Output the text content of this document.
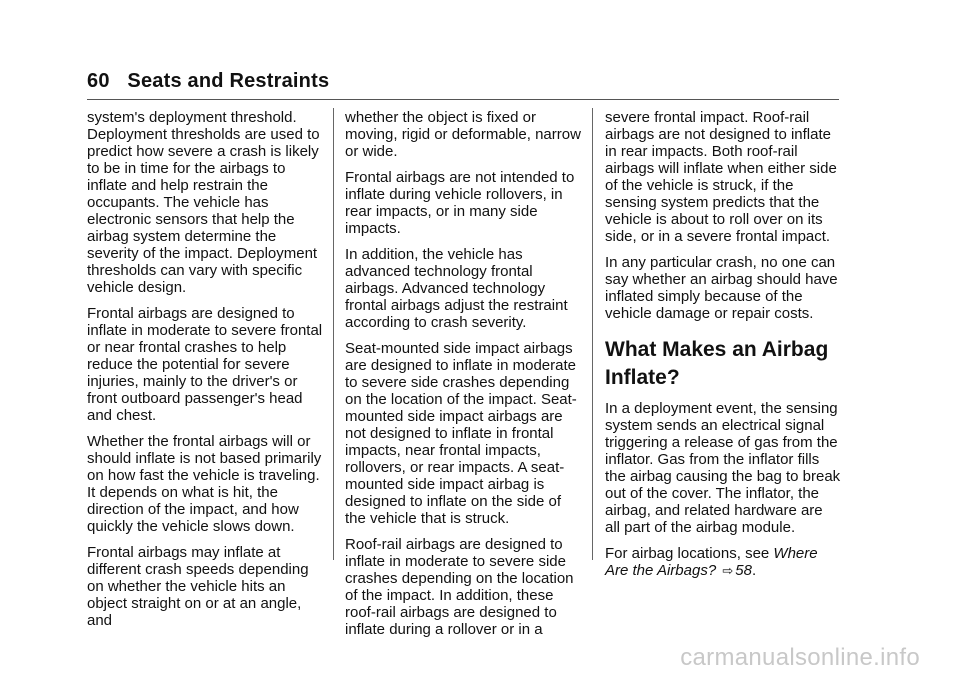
60 Seats and Restraints

system's deployment threshold. Deployment thresholds are used to predict how severe a crash is likely to be in time for the airbags to inflate and help restrain the occupants. The vehicle has electronic sensors that help the airbag system determine the severity of the impact. Deployment thresholds can vary with specific vehicle design.

Frontal airbags are designed to inflate in moderate to severe frontal or near frontal crashes to help reduce the potential for severe injuries, mainly to the driver's or front outboard passenger's head and chest.

Whether the frontal airbags will or should inflate is not based primarily on how fast the vehicle is traveling. It depends on what is hit, the direction of the impact, and how quickly the vehicle slows down.

Frontal airbags may inflate at different crash speeds depending on whether the vehicle hits an object straight on or at an angle, and

whether the object is fixed or moving, rigid or deformable, narrow or wide.

Frontal airbags are not intended to inflate during vehicle rollovers, in rear impacts, or in many side impacts.

In addition, the vehicle has advanced technology frontal airbags. Advanced technology frontal airbags adjust the restraint according to crash severity.

Seat-mounted side impact airbags are designed to inflate in moderate to severe side crashes depending on the location of the impact. Seat-mounted side impact airbags are not designed to inflate in frontal impacts, near frontal impacts, rollovers, or rear impacts. A seat-mounted side impact airbag is designed to inflate on the side of the vehicle that is struck.

Roof-rail airbags are designed to inflate in moderate to severe side crashes depending on the location of the impact. In addition, these roof-rail airbags are designed to inflate during a rollover or in a

severe frontal impact. Roof-rail airbags are not designed to inflate in rear impacts. Both roof-rail airbags will inflate when either side of the vehicle is struck, if the sensing system predicts that the vehicle is about to roll over on its side, or in a severe frontal impact.

In any particular crash, no one can say whether an airbag should have inflated simply because of the vehicle damage or repair costs.

What Makes an Airbag Inflate?

In a deployment event, the sensing system sends an electrical signal triggering a release of gas from the inflator. Gas from the inflator fills the airbag causing the bag to break out of the cover. The inflator, the airbag, and related hardware are all part of the airbag module.

For airbag locations, see Where Are the Airbags? ⇨ 58.

carmanualsonline.info
